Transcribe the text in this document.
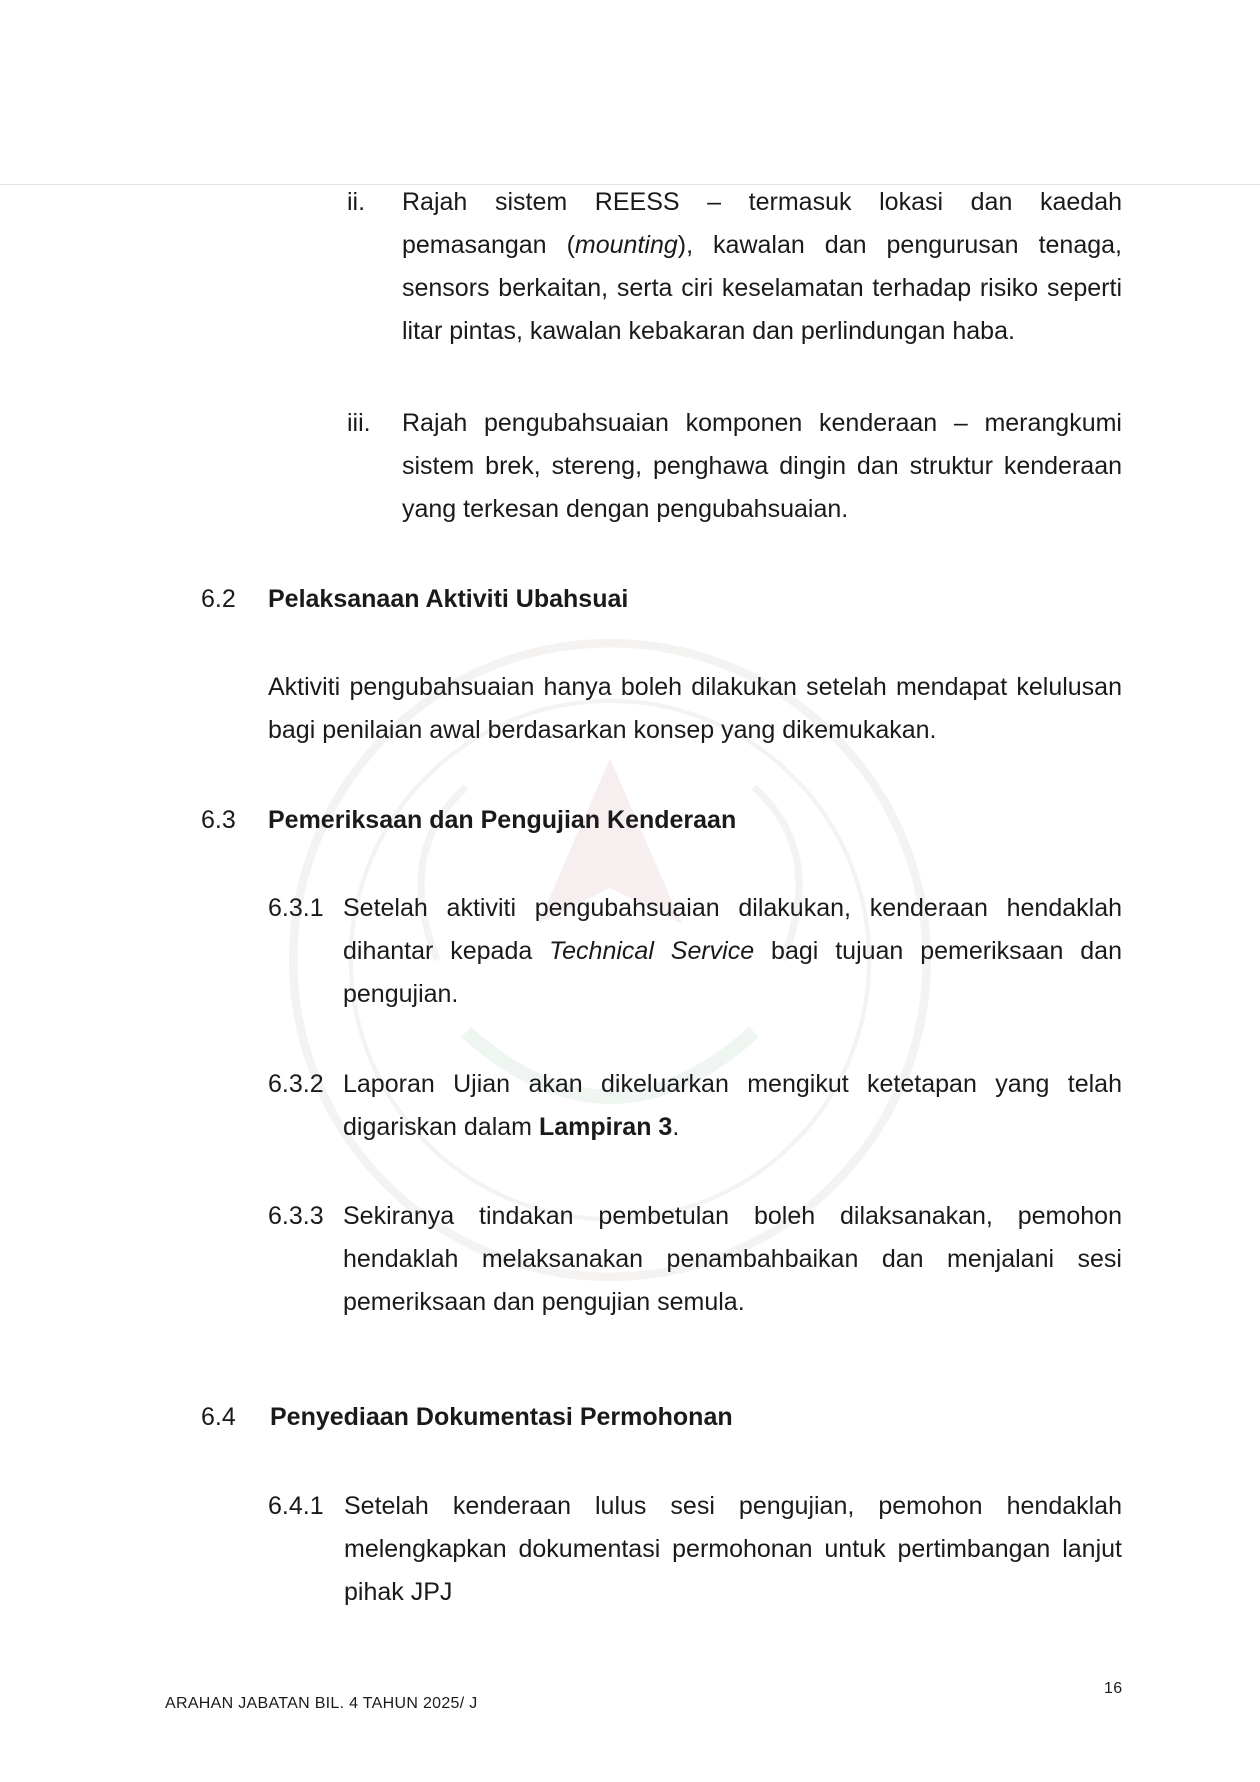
ii. Rajah sistem REESS – termasuk lokasi dan kaedah pemasangan (mounting), kawalan dan pengurusan tenaga, sensors berkaitan, serta ciri keselamatan terhadap risiko seperti litar pintas, kawalan kebakaran dan perlindungan haba.
iii. Rajah pengubahsuaian komponen kenderaan – merangkumi sistem brek, stereng, penghawa dingin dan struktur kenderaan yang terkesan dengan pengubahsuaian.
6.2 Pelaksanaan Aktiviti Ubahsuai
Aktiviti pengubahsuaian hanya boleh dilakukan setelah mendapat kelulusan bagi penilaian awal berdasarkan konsep yang dikemukakan.
6.3 Pemeriksaan dan Pengujian Kenderaan
6.3.1 Setelah aktiviti pengubahsuaian dilakukan, kenderaan hendaklah dihantar kepada Technical Service bagi tujuan pemeriksaan dan pengujian.
6.3.2 Laporan Ujian akan dikeluarkan mengikut ketetapan yang telah digariskan dalam Lampiran 3.
6.3.3 Sekiranya tindakan pembetulan boleh dilaksanakan, pemohon hendaklah melaksanakan penambahbaikan dan menjalani sesi pemeriksaan dan pengujian semula.
6.4 Penyediaan Dokumentasi Permohonan
6.4.1 Setelah kenderaan lulus sesi pengujian, pemohon hendaklah melengkapkan dokumentasi permohonan untuk pertimbangan lanjut pihak JPJ
ARAHAN JABATAN BIL. 4 TAHUN 2025/ J
16
